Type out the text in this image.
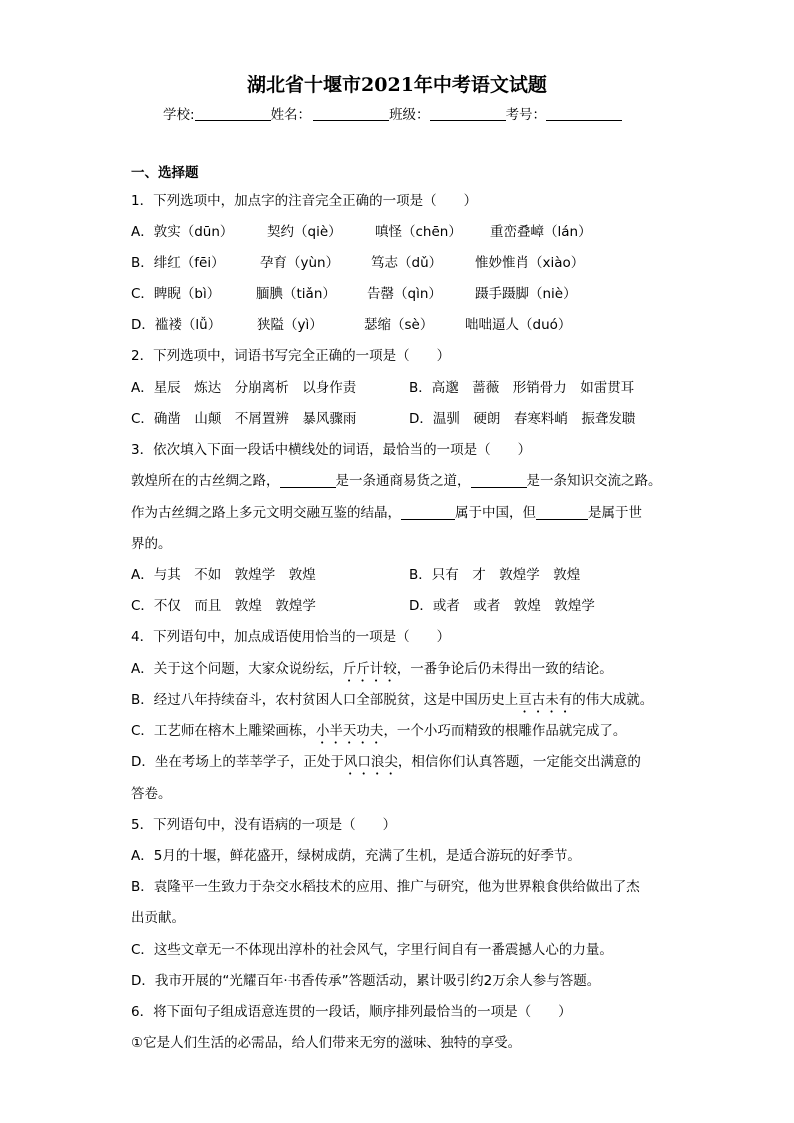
湖北省十堰市2021年中考语文试题
学校:	姓名：	班级：	考号：
一、选择题
1．下列选项中，加点字的注音完全正确的一项是（　　）
A．敦实（dūn） 契约（qiè） 嗔怪（chēn） 重峦叠嶂（lán）
B．绯红（fēi）	孕育（yùn） 笃志（dǔ） 惟妙惟肖（xiào）
C．睥睨（bì）	腼腆（tiǎn） 告罄（qìn） 蹑手蹑脚（niè）
D．褴褛（lǚ）	狭隘（yì）	瑟缩（sè） 咄咄逼人（duó）
2．下列选项中，词语书写完全正确的一项是（　　）
A．星辰　炼达　分崩离析　以身作责	B．高邈　蔷薇　形销骨力　如雷贯耳
C．确凿　山颠　不屑置辨　暴风骤雨	D．温驯　硬朗　春寒料峭　振聋发聩
3．依次填入下面一段话中横线处的词语，最恰当的一项是（　　）
敦煌所在的古丝绸之路，	是一条通商易货之道，	是一条知识交流之路。
作为古丝绸之路上多元文明交融互鉴的结晶，	属于中国，但	是属于世
界的。
A．与其　不如　敦煌学　敦煌	B．只有　才　敦煌学　敦煌
C．不仅　而且　敦煌　敦煌学	D．或者　或者　敦煌　敦煌学
4．下列语句中，加点成语使用恰当的一项是（　　）
A．关于这个问题，大家众说纷纭，斤斤计较，一番争论后仍未得出一致的结论。
B．经过八年持续奋斗，农村贫困人口全部脱贫，这是中国历史上亘古未有的伟大成就。
C．工艺师在榕木上雕梁画栋，小半天功夫，一个小巧而精致的根雕作品就完成了。
D．坐在考场上的莘莘学子，正处于风口浪尖，相信你们认真答题，一定能交出满意的
答卷。
5．下列语句中，没有语病的一项是（　　）
A．5月的十堰，鲜花盛开，绿树成荫，充满了生机，是适合游玩的好季节。
B．袁隆平一生致力于杂交水稻技术的应用、推广与研究，他为世界粮食供给做出了杰
出贡献。
C．这些文章无一不体现出淳朴的社会风气，字里行间自有一番震撼人心的力量。
D．我市开展的“光耀百年·书香传承”答题活动，累计吸引约2万余人参与答题。
6．将下面句子组成语意连贯的一段话，顺序排列最恰当的一项是（　　）
①它是人们生活的必需品，给人们带来无穷的滋味、独特的享受。
